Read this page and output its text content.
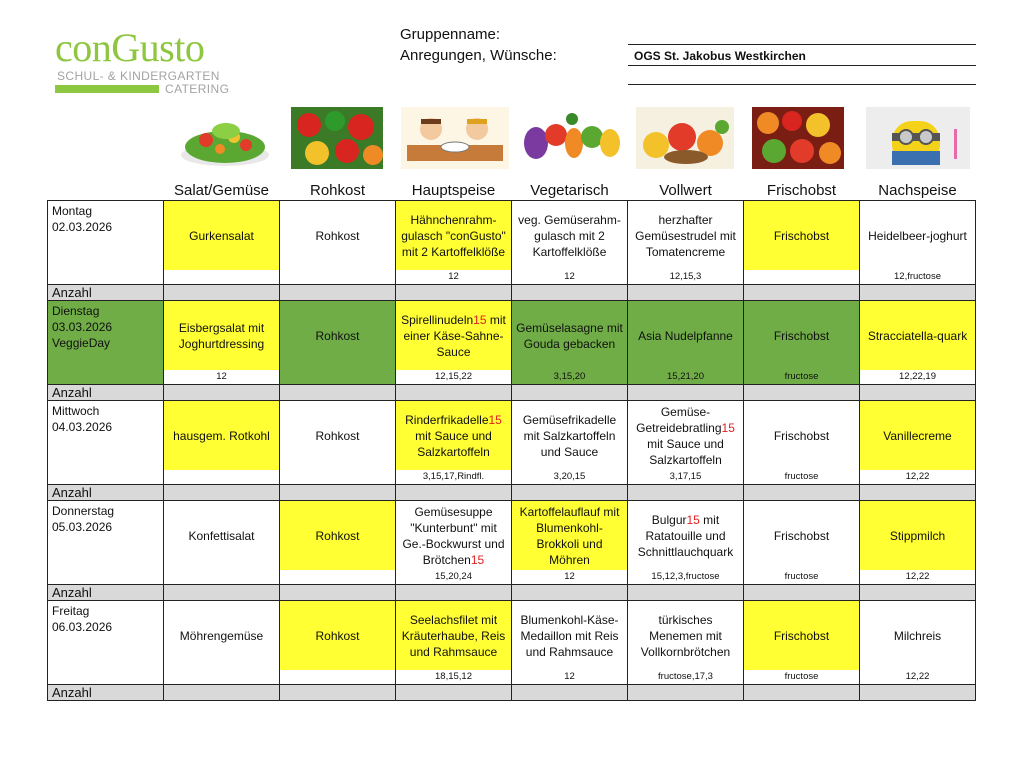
conGusto
SCHUL- & KINDERGARTEN
CATERING
Gruppenname:
Anregungen, Wünsche:	OGS St. Jakobus Westkirchen
	Salat/Gemüse	Rohkost	Hauptspeise	Vegetarisch	Vollwert	Frischobst	Nachspeise

Montag
02.03.2026	Gurkensalat	Rohkost	Hähnchenrahm-gulasch "conGusto" mit 2 Kartoffelklöße	veg. Gemüserahm-gulasch mit 2 Kartoffelklöße	herzhafter Gemüsestrudel mit Tomatencreme	Frischobst	Heidelbeer-joghurt
			12	12	12,15,3		12,fructose
Anzahl							

Dienstag
03.03.2026
VeggieDay	Eisbergsalat mit Joghurtdressing	Rohkost	Spirellinudeln15 mit einer Käse-Sahne-Sauce	Gemüselasagne mit Gouda gebacken	Asia Nudelpfanne	Frischobst	Stracciatella-quark
	12		12,15,22	3,15,20	15,21,20	fructose	12,22,19
Anzahl							

Mittwoch
04.03.2026	hausgem. Rotkohl	Rohkost	Rinderfrikadelle15 mit Sauce und Salzkartoffeln	Gemüsefrikadelle mit Salzkartoffeln und Sauce	Gemüse-Getreidebratling15 mit Sauce und Salzkartoffeln	Frischobst	Vanillecreme
			3,15,17,Rindfl.	3,20,15	3,17,15	fructose	12,22
Anzahl							

Donnerstag
05.03.2026	Konfettisalat	Rohkost	Gemüsesuppe "Kunterbunt" mit Ge.-Bockwurst und Brötchen15	Kartoffelauflauf mit Blumenkohl-Brokkoli und Möhren	Bulgur15 mit Ratatouille und Schnittlauchquark	Frischobst	Stippmilch
			15,20,24	12	15,12,3,fructose	fructose	12,22
Anzahl							

Freitag
06.03.2026	Möhrengemüse	Rohkost	Seelachsfilet mit Kräuterhaube, Reis und Rahmsauce	Blumenkohl-Käse-Medaillon mit Reis und Rahmsauce	türkisches Menemen mit Vollkornbrötchen	Frischobst	Milchreis
			18,15,12	12	fructose,17,3	fructose	12,22
Anzahl							
